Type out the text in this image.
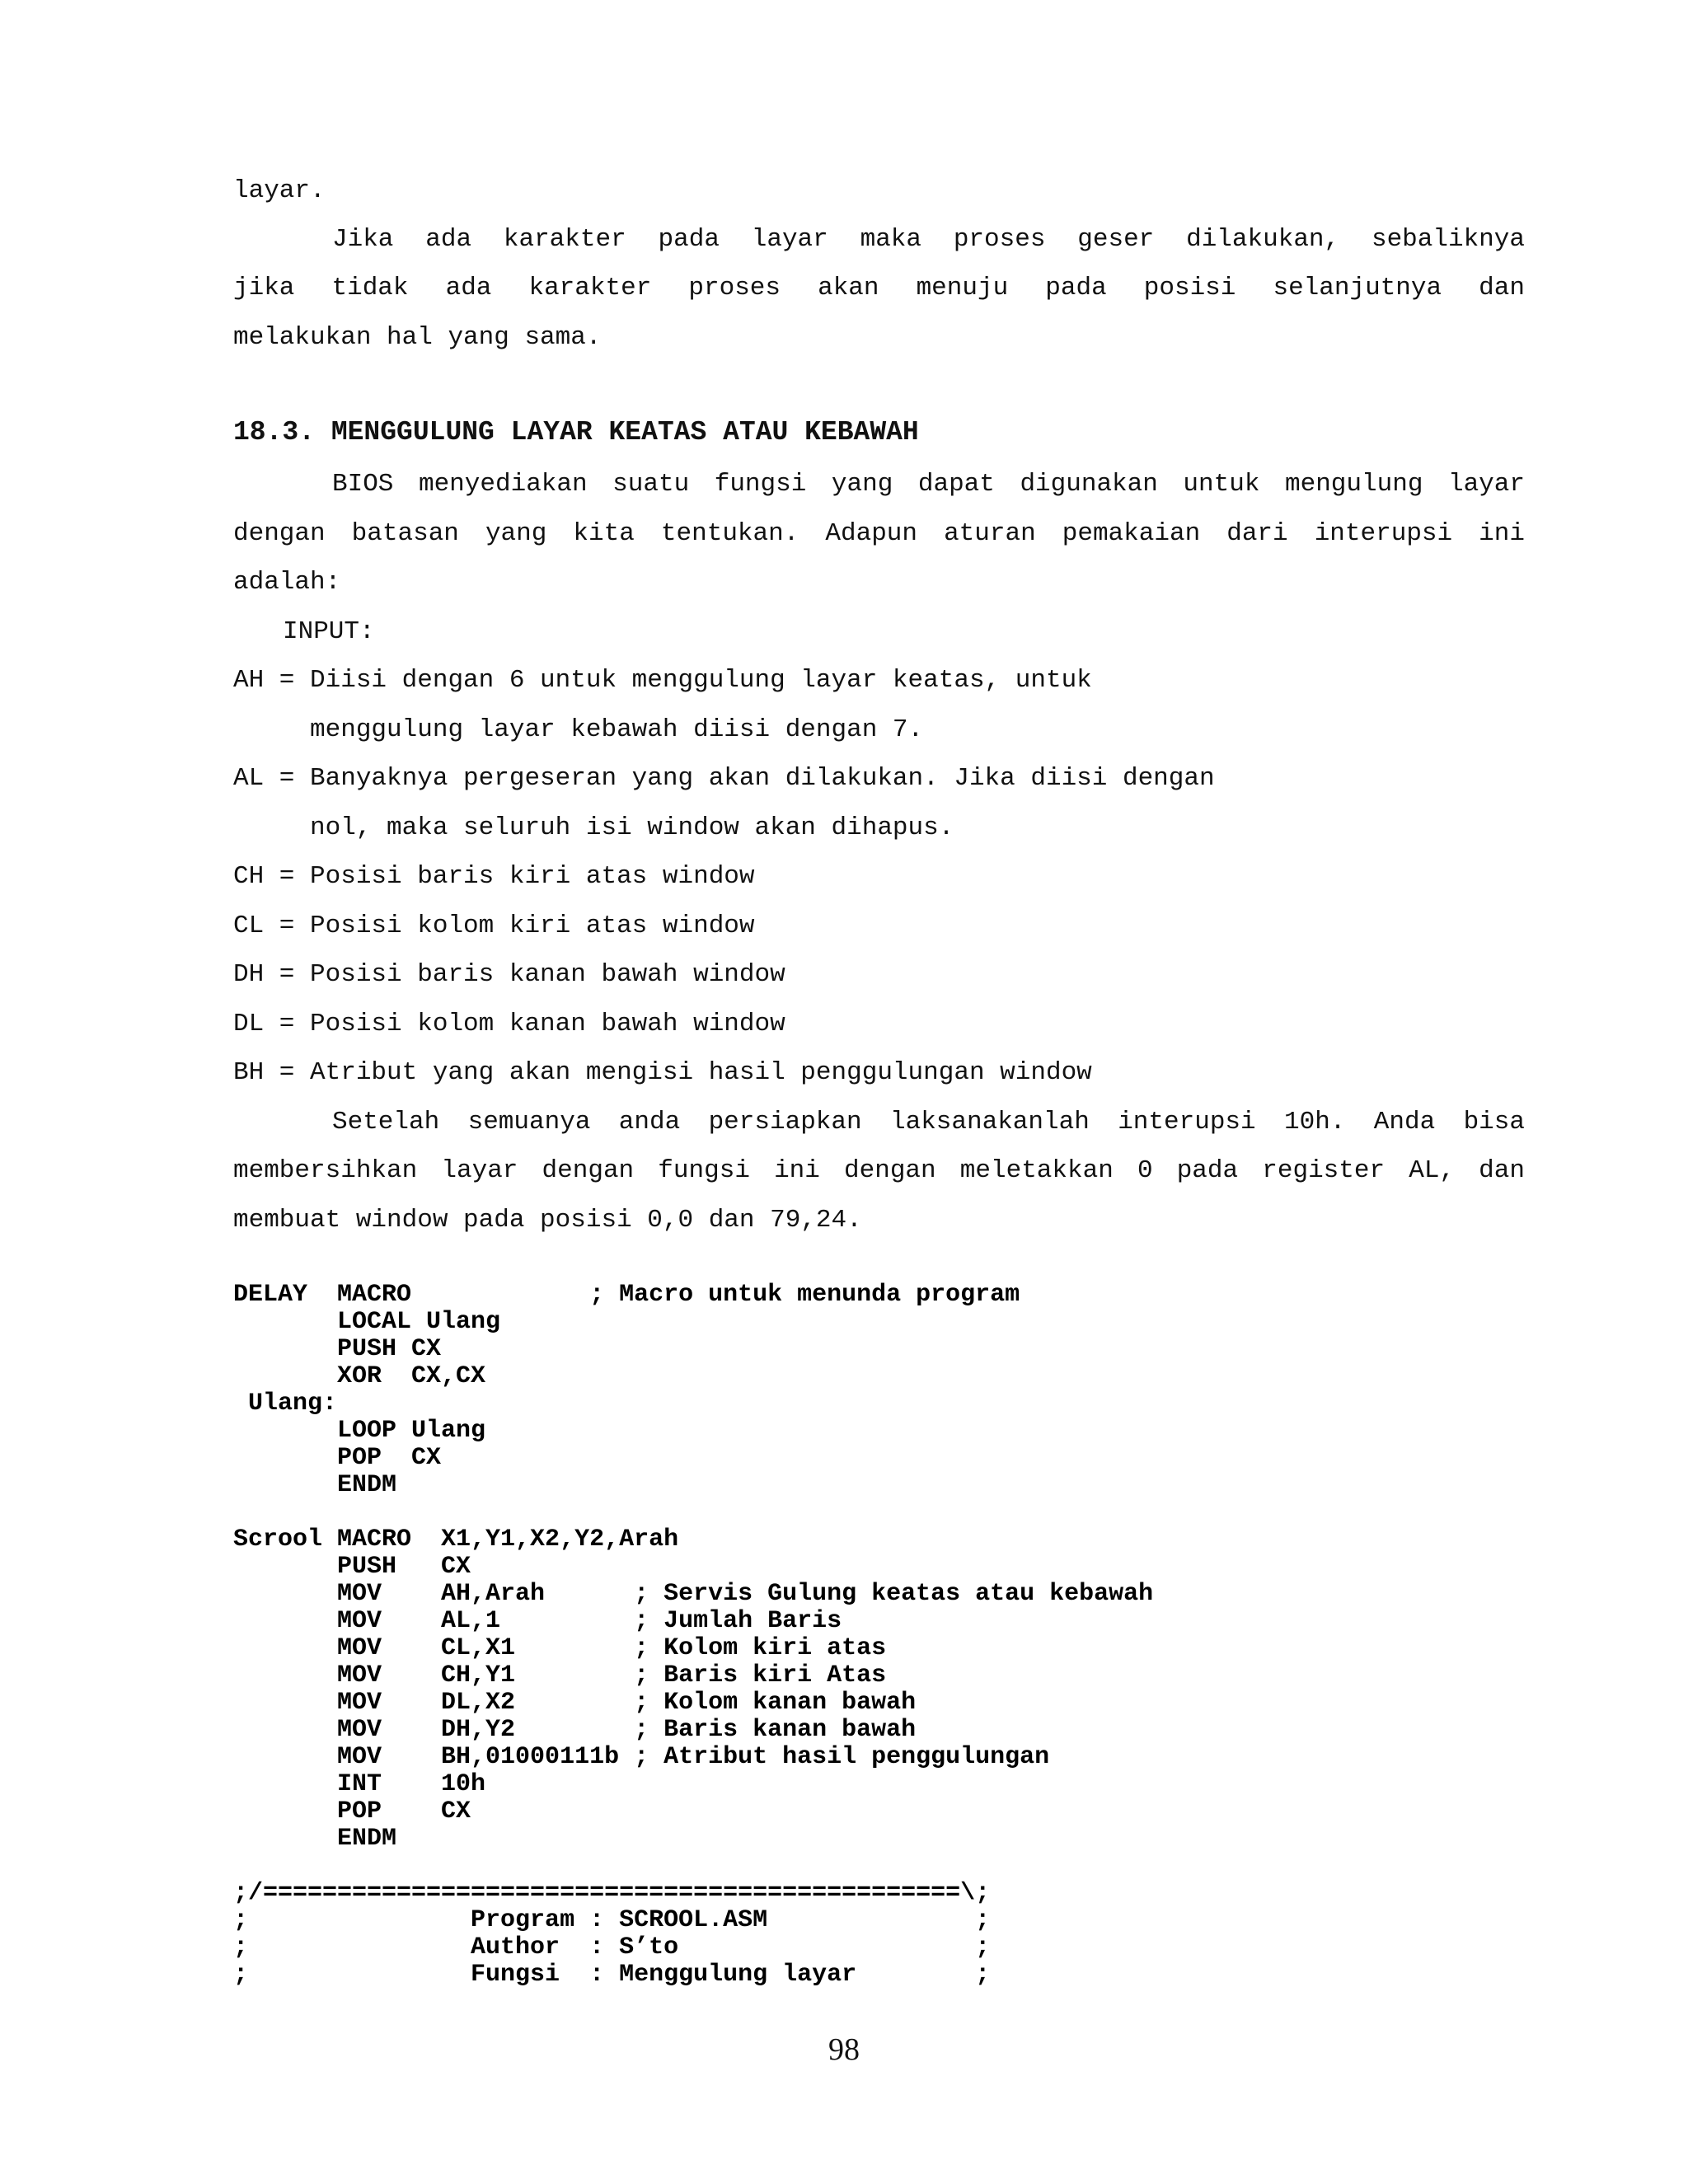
layar.
Jika ada karakter pada layar maka proses geser dilakukan, sebaliknya
jika tidak ada karakter proses akan menuju pada posisi selanjutnya dan
melakukan hal yang sama.
18.3. MENGGULUNG LAYAR KEATAS ATAU KEBAWAH
BIOS menyediakan suatu fungsi yang dapat digunakan untuk mengulung layar
dengan batasan yang kita tentukan. Adapun aturan pemakaian dari interupsi ini
adalah:
INPUT:
AH = Diisi dengan 6 untuk menggulung layar keatas, untuk
menggulung layar kebawah diisi dengan 7.
AL = Banyaknya pergeseran yang akan dilakukan. Jika diisi dengan
nol, maka seluruh isi window akan dihapus.
CH = Posisi baris kiri atas window
CL = Posisi kolom kiri atas window
DH = Posisi baris kanan bawah window
DL = Posisi kolom kanan bawah window
BH = Atribut yang akan mengisi hasil penggulungan window
Setelah semuanya anda persiapkan laksanakanlah interupsi 10h. Anda bisa
membersihkan layar dengan fungsi ini dengan meletakkan 0 pada register AL, dan
membuat window pada posisi 0,0 dan 79,24.
DELAY  MACRO            ; Macro untuk menunda program
LOCAL Ulang
PUSH CX
XOR  CX,CX
Ulang:
LOOP Ulang
POP  CX
ENDM
Scrool MACRO  X1,Y1,X2,Y2,Arah
PUSH   CX
MOV    AH,Arah      ; Servis Gulung keatas atau kebawah
MOV    AL,1         ; Jumlah Baris
MOV    CL,X1        ; Kolom kiri atas
MOV    CH,Y1        ; Baris kiri Atas
MOV    DL,X2        ; Kolom kanan bawah
MOV    DH,Y2        ; Baris kanan bawah
MOV    BH,01000111b ; Atribut hasil penggulungan
INT    10h
POP    CX
ENDM
;/===============================================\;
;               Program : SCROOL.ASM              ;
;               Author  : S’to                    ;
;               Fungsi  : Menggulung layar        ;
98
